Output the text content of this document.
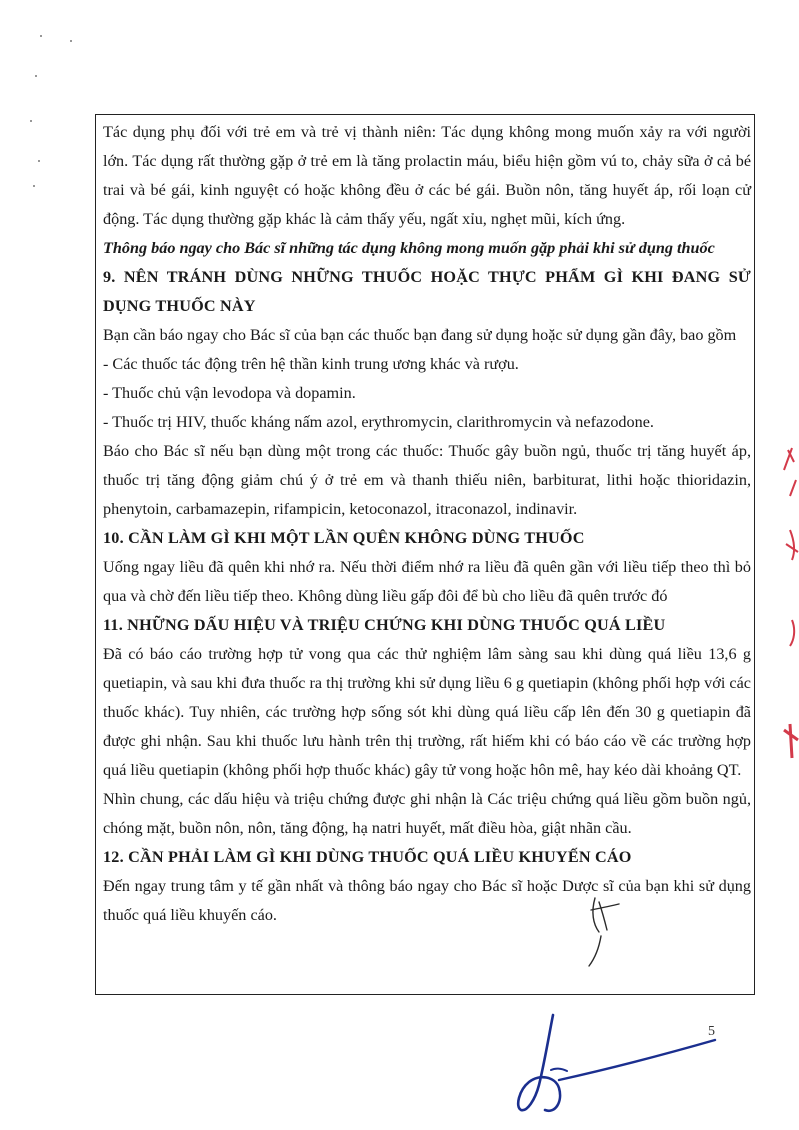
Tác dụng phụ đối với trẻ em và trẻ vị thành niên: Tác dụng không mong muốn xảy ra với người lớn. Tác dụng rất thường gặp ở trẻ em là tăng prolactin máu, biểu hiện gồm vú to, chảy sữa ở cả bé trai và bé gái, kinh nguyệt có hoặc không đều ở các bé gái. Buồn nôn, tăng huyết áp, rối loạn cử động. Tác dụng thường gặp khác là cảm thấy yếu, ngất xỉu, nghẹt mũi, kích ứng.

Thông báo ngay cho Bác sĩ những tác dụng không mong muốn gặp phải khi sử dụng thuốc

9. NÊN TRÁNH DÙNG NHỮNG THUỐC HOẶC THỰC PHẨM GÌ KHI ĐANG SỬ DỤNG THUỐC NÀY

Bạn cần báo ngay cho Bác sĩ của bạn các thuốc bạn đang sử dụng hoặc sử dụng gần đây, bao gồm

- Các thuốc tác động trên hệ thần kinh trung ương khác và rượu.

- Thuốc chủ vận levodopa và dopamin.

- Thuốc trị HIV, thuốc kháng nấm azol, erythromycin, clarithromycin và nefazodone.

Báo cho Bác sĩ nếu bạn dùng một trong các thuốc: Thuốc gây buồn ngủ, thuốc trị tăng huyết áp, thuốc trị tăng động giảm chú ý ở trẻ em và thanh thiếu niên, barbiturat, lithi hoặc thioridazin, phenytoin, carbamazepin, rifampicin, ketoconazol, itraconazol, indinavir.

10. CẦN LÀM GÌ KHI MỘT LẦN QUÊN KHÔNG DÙNG THUỐC

Uống ngay liều đã quên khi nhớ ra. Nếu thời điểm nhớ ra liều đã quên gần với liều tiếp theo thì bỏ qua và chờ đến liều tiếp theo. Không dùng liều gấp đôi để bù cho liều đã quên trước đó

11. NHỮNG DẤU HIỆU VÀ TRIỆU CHỨNG KHI DÙNG THUỐC QUÁ LIỀU

Đã có báo cáo trường hợp tử vong qua các thử nghiệm lâm sàng sau khi dùng quá liều 13,6 g quetiapin, và sau khi đưa thuốc ra thị trường khi sử dụng liều 6 g quetiapin (không phối hợp với các thuốc khác). Tuy nhiên, các trường hợp sống sót khi dùng quá liều cấp lên đến 30 g quetiapin đã được ghi nhận. Sau khi thuốc lưu hành trên thị trường, rất hiếm khi có báo cáo về các trường hợp quá liều quetiapin (không phối hợp thuốc khác) gây tử vong hoặc hôn mê, hay kéo dài khoảng QT.

Nhìn chung, các dấu hiệu và triệu chứng được ghi nhận là Các triệu chứng quá liều gồm buồn ngủ, chóng mặt, buồn nôn, nôn, tăng động, hạ natri huyết, mất điều hòa, giật nhãn cầu.

12. CẦN PHẢI LÀM GÌ KHI DÙNG THUỐC QUÁ LIỀU KHUYẾN CÁO

Đến ngay trung tâm y tế gần nhất và thông báo ngay cho Bác sĩ hoặc Dược sĩ của bạn khi sử dụng thuốc quá liều khuyến cáo.

5
